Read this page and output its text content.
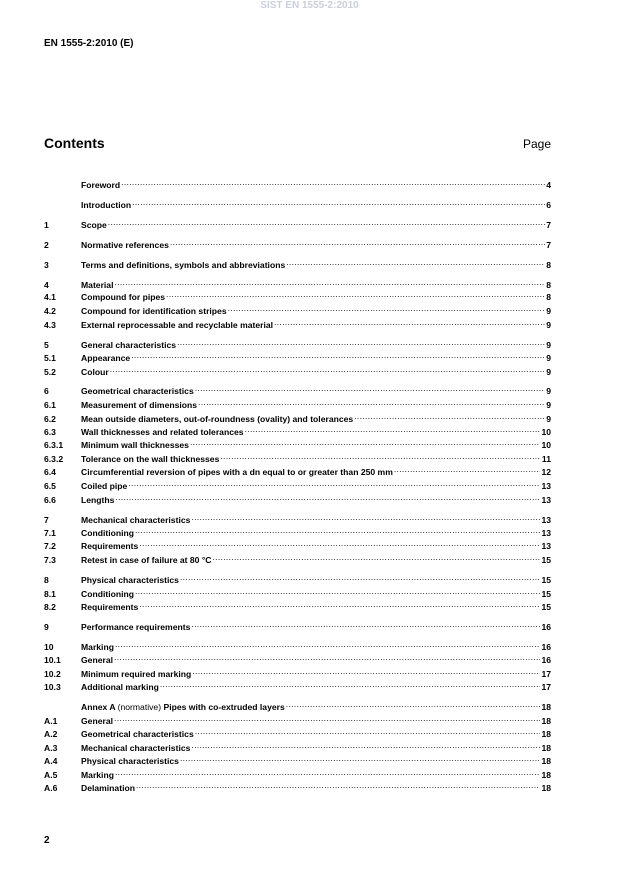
SIST EN 1555-2:2010
EN 1555-2:2010 (E)
Contents	Page
Foreword .....	4
Introduction .....	6
1	Scope .....	7
2	Normative references .....	7
3	Terms and definitions, symbols and abbreviations .....	8
4	Material .....	8
4.1	Compound for pipes .....	8
4.2	Compound for identification stripes .....	9
4.3	External reprocessable and recyclable material .....	9
5	General characteristics .....	9
5.1	Appearance .....	9
5.2	Colour .....	9
6	Geometrical characteristics .....	9
6.1	Measurement of dimensions .....	9
6.2	Mean outside diameters, out-of-roundness (ovality) and tolerances .....	9
6.3	Wall thicknesses and related tolerances .....	10
6.3.1	Minimum wall thicknesses .....	10
6.3.2	Tolerance on the wall thicknesses .....	11
6.4	Circumferential reversion of pipes with a dn equal to or greater than 250 mm .....	12
6.5	Coiled pipe .....	13
6.6	Lengths .....	13
7	Mechanical characteristics .....	13
7.1	Conditioning .....	13
7.2	Requirements .....	13
7.3	Retest in case of failure at 80 °C .....	15
8	Physical characteristics .....	15
8.1	Conditioning .....	15
8.2	Requirements .....	15
9	Performance requirements .....	16
10	Marking .....	16
10.1	General .....	16
10.2	Minimum required marking .....	17
10.3	Additional marking .....	17
Annex A (normative) Pipes with co-extruded layers .....	18
A.1	General .....	18
A.2	Geometrical characteristics .....	18
A.3	Mechanical characteristics .....	18
A.4	Physical characteristics .....	18
A.5	Marking .....	18
A.6	Delamination .....	18
2
